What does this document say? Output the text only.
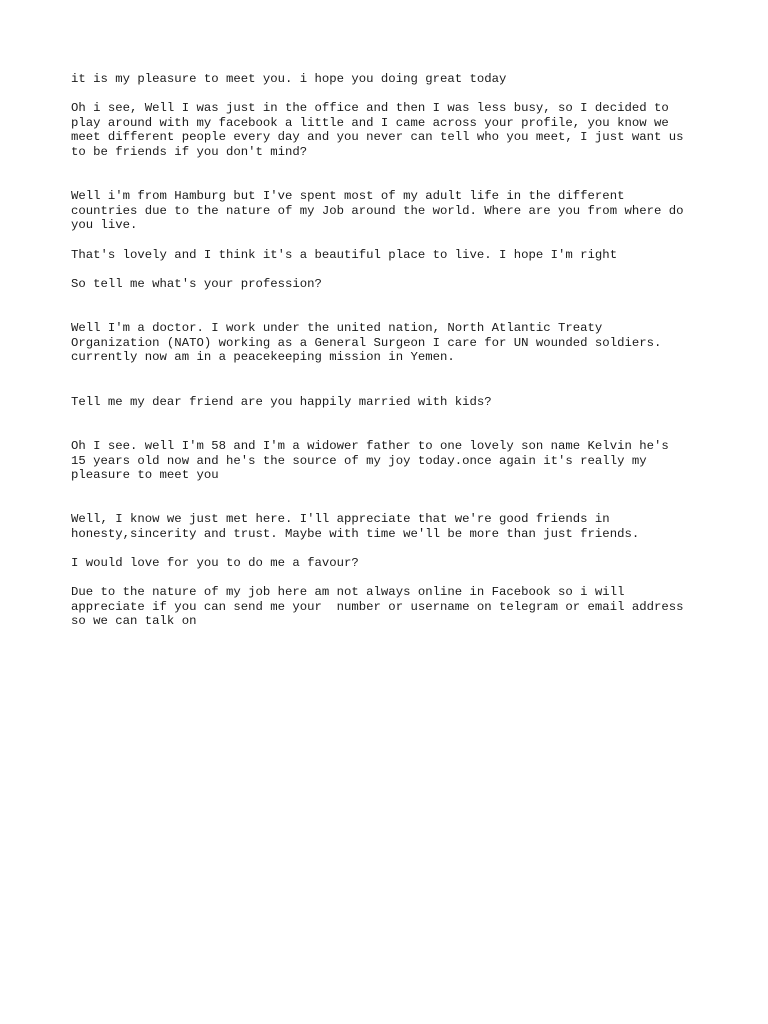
it is my pleasure to meet you. i hope you doing great today

Oh i see, Well I was just in the office and then I was less busy, so I decided to
play around with my facebook a little and I came across your profile, you know we
meet different people every day and you never can tell who you meet, I just want us
to be friends if you don't mind?

Well i'm from Hamburg but I've spent most of my adult life in the different
countries due to the nature of my Job around the world. Where are you from where do
you live.

That's lovely and I think it's a beautiful place to live. I hope I'm right

So tell me what's your profession?

Well I'm a doctor. I work under the united nation, North Atlantic Treaty
Organization (NATO) working as a General Surgeon I care for UN wounded soldiers.
currently now am in a peacekeeping mission in Yemen.

Tell me my dear friend are you happily married with kids?

Oh I see. well I'm 58 and I'm a widower father to one lovely son name Kelvin he's
15 years old now and he's the source of my joy today.once again it's really my
pleasure to meet you

Well, I know we just met here. I'll appreciate that we're good friends in
honesty,sincerity and trust. Maybe with time we'll be more than just friends.

I would love for you to do me a favour?

Due to the nature of my job here am not always online in Facebook so i will
appreciate if you can send me your  number or username on telegram or email address
so we can talk on
